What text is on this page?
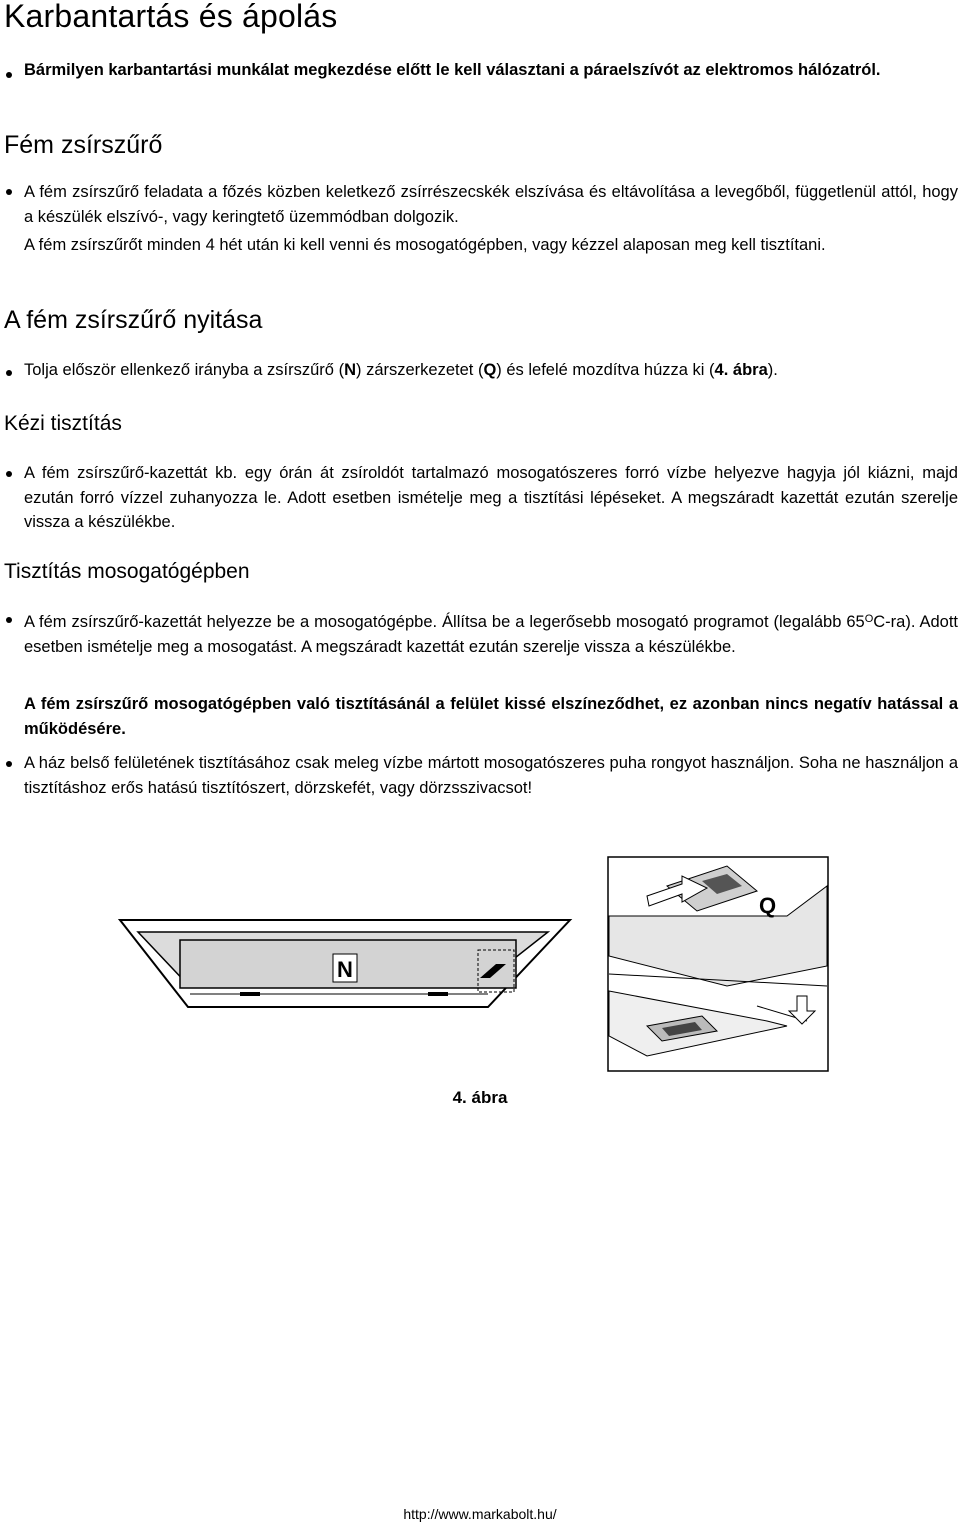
Karbantartás és ápolás

Bármilyen karbantartási munkálat megkezdése előtt le kell választani a páraelszívót az elektromos hálózatról.

Fém zsírszűrő

A fém zsírszűrő feladata a főzés közben keletkező zsírrészecskék elszívása és eltávolítása a levegőből, függetlenül attól, hogy a készülék elszívó-, vagy keringtető üzemmódban dolgozik.

A fém zsírszűrőt minden 4 hét után ki kell venni és mosogatógépben, vagy kézzel alaposan meg kell tisztítani.

A fém zsírszűrő nyitása

Tolja először ellenkező irányba a zsírszűrő (N) zárszerkezetet (Q) és lefelé mozdítva húzza ki (4. ábra).

Kézi tisztítás

A fém zsírszűrő-kazettát kb. egy órán át zsíroldót tartalmazó mosogatószeres forró vízbe helyezve hagyja jól kiázni, majd ezután forró vízzel zuhanyozza le. Adott esetben ismételje meg a tisztítási lépéseket. A megszáradt kazettát ezután szerelje vissza a készülékbe.

Tisztítás mosogatógépben

A fém zsírszűrő-kazettát helyezze be a mosogatógépbe. Állítsa be a legerősebb mosogató programot (legalább $65^OC-ra$). Adott esetben ismételje meg a mosogatást. A megszáradt kazettát ezután szerelje vissza a készülékbe.

A fém zsírszűrő mosogatógépben való tisztításánál a felület kissé elszíneződhet, ez azonban nincs negatív hatással a működésére.

A ház belső felületének tisztításához csak meleg vízbe mártott mosogatószeres puha rongyot használjon. Soha ne használjon a tisztításhoz erős hatású tisztítószert, dörzskefét, vagy dörzsszivacsot!

N
Q
4. ábra
http://www.markabolt.hu/
